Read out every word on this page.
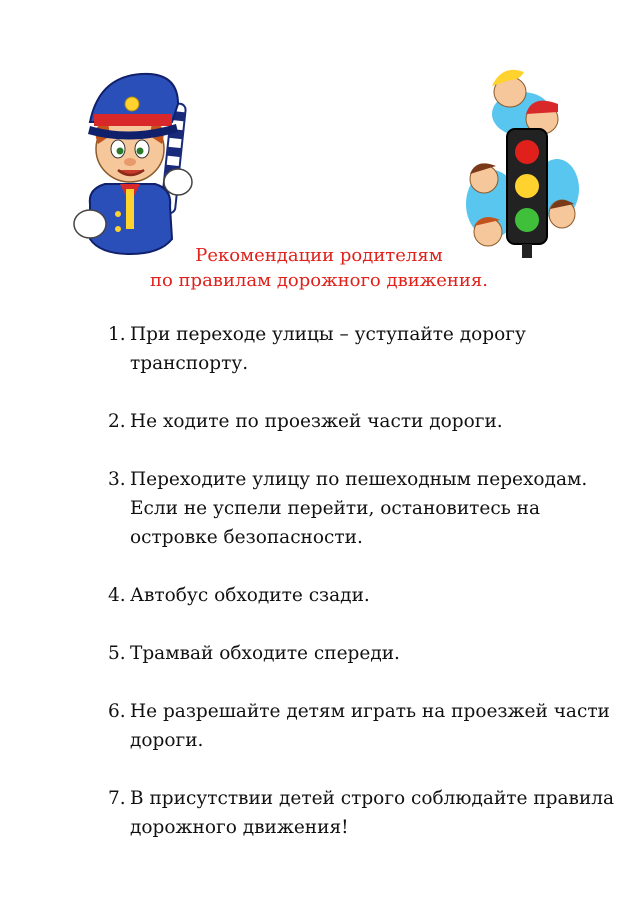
Рекомендации родителям

по правилам дорожного движения.

1. При переходе улицы – уступайте дорогу транспорту.
2. Не ходите по проезжей части дороги.
3. Переходите улицу по пешеходным переходам. Если не успели перейти, остановитесь на островке безопасности.
4. Автобус обходите сзади.
5. Трамвай обходите спереди.
6. Не разрешайте детям играть на проезжей части дороги.
7. В присутствии детей строго соблюдайте правила дорожного движения!
